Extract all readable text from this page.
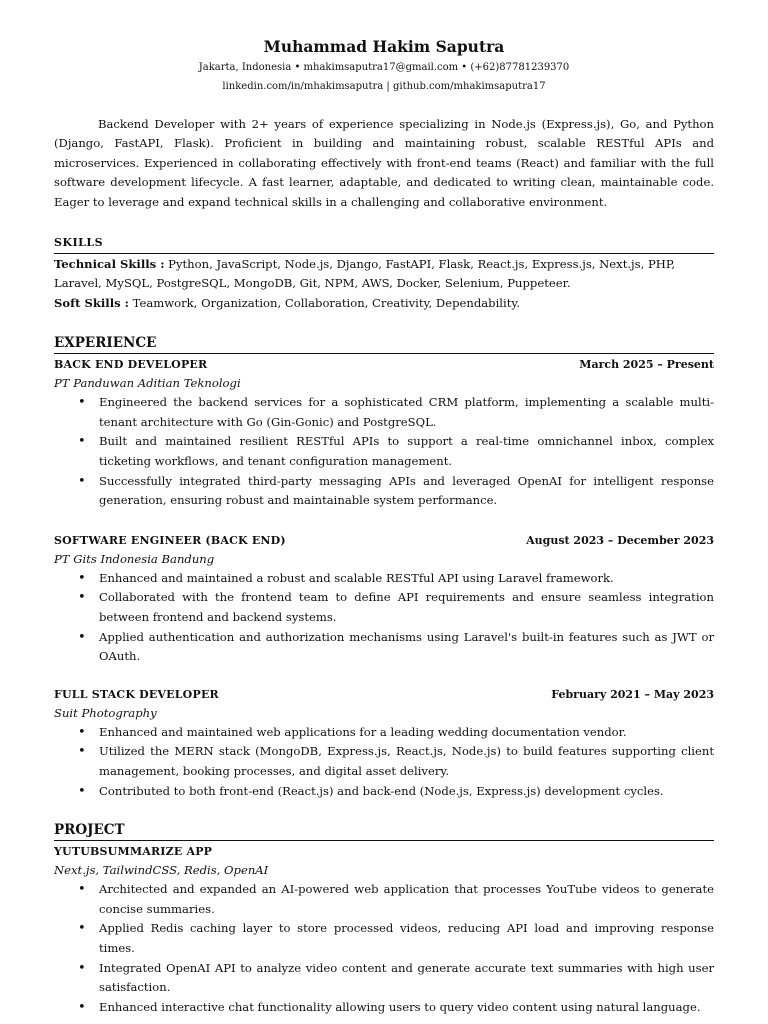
Muhammad Hakim Saputra
Jakarta, Indonesia • mhakimsaputra17@gmail.com • (+62)87781239370
linkedin.com/in/mhakimsaputra | github.com/mhakimsaputra17
Backend Developer with 2+ years of experience specializing in Node.js (Express.js), Go, and Python (Django, FastAPI, Flask). Proficient in building and maintaining robust, scalable RESTful APIs and microservices. Experienced in collaborating effectively with front-end teams (React) and familiar with the full software development lifecycle. A fast learner, adaptable, and dedicated to writing clean, maintainable code. Eager to leverage and expand technical skills in a challenging and collaborative environment.
SKILLS
Technical Skills : Python, JavaScript, Node.js, Django, FastAPI, Flask, React.js, Express.js, Next.js, PHP, Laravel, MySQL, PostgreSQL, MongoDB, Git, NPM, AWS, Docker, Selenium, Puppeteer.
Soft Skills : Teamwork, Organization, Collaboration, Creativity, Dependability.
EXPERIENCE
BACK END DEVELOPER	March 2025 – Present
PT Panduwan Aditian Teknologi
• Engineered the backend services for a sophisticated CRM platform, implementing a scalable multi-tenant architecture with Go (Gin-Gonic) and PostgreSQL.
• Built and maintained resilient RESTful APIs to support a real-time omnichannel inbox, complex ticketing workflows, and tenant configuration management.
• Successfully integrated third-party messaging APIs and leveraged OpenAI for intelligent response generation, ensuring robust and maintainable system performance.
SOFTWARE ENGINEER (BACK END)	August 2023 – December 2023
PT Gits Indonesia Bandung
• Enhanced and maintained a robust and scalable RESTful API using Laravel framework.
• Collaborated with the frontend team to define API requirements and ensure seamless integration between frontend and backend systems.
• Applied authentication and authorization mechanisms using Laravel's built-in features such as JWT or OAuth.
FULL STACK DEVELOPER	February 2021 – May 2023
Suit Photography
• Enhanced and maintained web applications for a leading wedding documentation vendor.
• Utilized the MERN stack (MongoDB, Express.js, React.js, Node.js) to build features supporting client management, booking processes, and digital asset delivery.
• Contributed to both front-end (React.js) and back-end (Node.js, Express.js) development cycles.
PROJECT
YUTUBSUMMARIZE APP
Next.js, TailwindCSS, Redis, OpenAI
• Architected and expanded an AI-powered web application that processes YouTube videos to generate concise summaries.
• Applied Redis caching layer to store processed videos, reducing API load and improving response times.
• Integrated OpenAI API to analyze video content and generate accurate text summaries with high user satisfaction.
• Enhanced interactive chat functionality allowing users to query video content using natural language.
